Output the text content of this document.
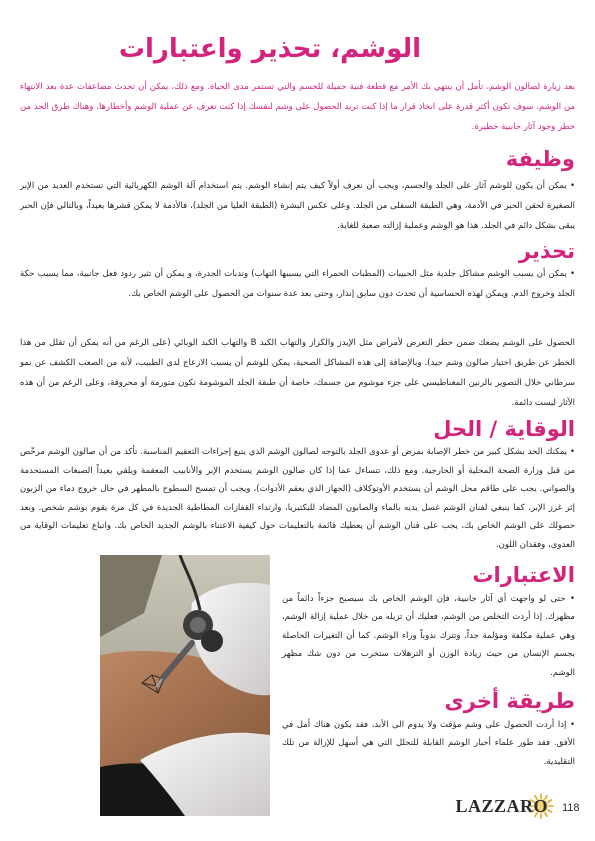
الوشم، تحذير واعتبارات

بعد زيارة لصالون الوشم، تأمل أن ينتهي بك الأمر مع قطعة فنية جميلة للجسم والتي تستمر مدى الحياة. ومع ذلك، يمكن أن تحدث مضاعفات عدة بعد الانتهاء من الوشم. سوف تكون أكثر قدرة على اتخاذ قرار ما إذا كنت تريد الحصول على وشم لنفسك إذا كنت تعرف عن عملية الوشم وأخطارها. وهناك طرق الحد من خطر وجود آثار جانبية خطيرة.

وظيفة

• يمكن أن يكون للوشم آثار على الجلد والجسم، ويجب أن نعرف أولاً كيف يتم إنشاء الوشم. يتم استخدام آلة الوشم الكهربائية التي تستخدم العديد من الإبر الصغيرة لحقن الحبر في الأدمة، وهي الطبقة السفلى من الجلد. وعلى عكس البشرة (الطبقة العليا من الجلد)، فالأدمة لا يمكن قشرها بعيداً، وبالتالي فإن الحبر يبقى بشكل دائم في الجلد. هذا هو الوشم وعملية إزالته صعبة للغاية.

تحذير

• يمكن أن يسبب الوشم مشاكل جلدية مثل الحبيبات (المطبات الحمراء التي يسببها التهاب) وندبات الجدرة، و يمكن أن تثير ردود فعل جانبية، مما يسبب حكة الجلد وخروج الدم. ويمكن لهذه الحساسية أن تحدث دون سابق إنذار، وحتى بعد عدة سنوات من الحصول على الوشم الخاص بك.

الحصول على الوشم يضعك ضمن خطر التعرض لأمراض مثل الإيدز والكزاز والتهاب الكبد B والتهاب الكبد الوبائي (على الرغم من أنه يمكن أن تقلل من هذا الخطر عن طريق اختيار صالون وشم جيد). وبالإضافة إلى هذه المشاكل الصحية، يمكن للوشم أن يسبب الازعاج لدى الطبيب، لأنه من الصعب الكشف عن نمو سرطاني خلال التصوير بالرنين المغناطيسي على جزء موشوم من جسمك، خاصة أن طبقة الجلد الموشومة تكون متورمة أو محروقة، وعلى الرغم من أن هذه الآثار ليست دائمة.

الوقاية / الحل

• يمكنك الحد بشكل كبير من خطر الإصابة بمرض أو عدوى الجلد بالتوجه لصالون الوشم الذي يتبع إجراءات التعقيم المناسبة. تأكد من أن صالون الوشم مرخّص من قبل وزارة الصحة المحلية أو الخارجية. ومع ذلك، تتساءل عما إذا كان صالون الوشم يستخدم الإبر والأنابيب المعقمة ويلقي بعيداً الصبغات المستخدمة والصواني. يجب على طاقم محل الوشم أن يستخدم الأوتوكلاف (الجهاز الذي يعقم الأدوات)، ويجب أن تمسح السطوح بالمطهر في حال خروج دماء من الزبون إثر غرز الإبر. كما ينبغي لفنان الوشم غسل يديه بالماء والصابون المضاد للبكتيريا، وارتداء القفازات المطاطية الجديدة في كل مرة يقوم بوشم شخص. وبعد حصولك على الوشم الخاص بك، يجب على فنان الوشم أن يعطيك قائمة بالتعليمات حول كيفية الاعتناء بالوشم الجديد الخاص بك. واتباع تعليمات الوقاية من العدوى، وفقدان اللون.

الاعتبارات

• حتى لو واجهت أي آثار جانبية، فإن الوشم الخاص بك سيصبح جزءاً دائماً من مظهرك. إذا أردت التخلص من الوشم، فعليك أن تزيله من خلال عملية إزالة الوشم، وهي عملية مكلفة ومؤلمة جداً. وتترك ندوباً وراء الوشم. كما أن التغيرات الحاصلة بجسم الإنسان من حيث زيادة الوزن أو الترهلات ستخرب من دون شك مظهر الوشم.

طريقة أخرى

• إذا أردت الحصول على وشم مؤقت ولا يدوم الى الأبد، فقد يكون هناك أمل في الأفق. فقد طور علماء أحبار الوشم القابلة للتحلل التي هي أسهل للإزالة من تلك التقليدية.

LAZZARO 118
